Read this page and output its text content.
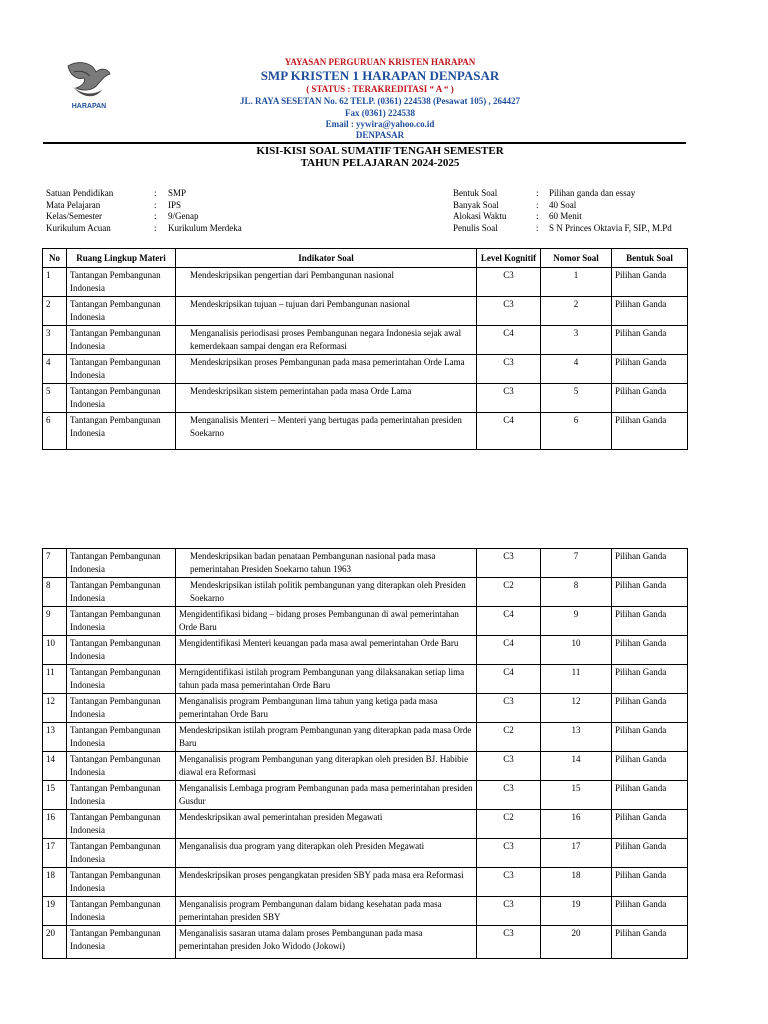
HARAPAN
YAYASAN PERGURUAN KRISTEN HARAPAN
SMP KRISTEN 1 HARAPAN DENPASAR
( STATUS : TERAKREDITASI “ A “ )
JL. RAYA SESETAN No. 62 TELP. (0361) 224538 (Pesawat 105) , 264427
Fax (0361) 224538
Email : yywira@yahoo.co.id
DENPASAR
KISI-KISI SOAL SUMATIF TENGAH SEMESTER
TAHUN PELAJARAN 2024-2025
Satuan Pendidikan	:	SMP
Mata Pelajaran	:	IPS
Kelas/Semester	:	9/Genap
Kurikulum Acuan	:	Kurikulum Merdeka
Bentuk Soal	:	Pilihan ganda dan essay
Banyak Soal	:	40 Soal
Alokasi Waktu	:	60 Menit
Penulis Soal	:	S N Princes Oktavia F, SIP., M.Pd
No	Ruang Lingkup Materi	Indikator Soal	Level Kognitif	Nomor Soal	Bentuk Soal
1	Tantangan Pembangunan Indonesia	Mendeskripsikan pengertian dari Pembangunan nasional	C3	1	Pilihan Ganda
2	Tantangan Pembangunan Indonesia	Mendeskripsikan tujuan – tujuan dari Pembangunan nasional	C3	2	Pilihan Ganda
3	Tantangan Pembangunan Indonesia	Menganalisis periodisasi proses Pembangunan negara Indonesia sejak awal kemerdekaan sampai dengan era Reformasi	C4	3	Pilihan Ganda
4	Tantangan Pembangunan Indonesia	Mendeskripsikan proses Pembangunan pada masa pemerintahan Orde Lama	C3	4	Pilihan Ganda
5	Tantangan Pembangunan Indonesia	Mendeskripsikan sistem pemerintahan pada masa Orde Lama	C3	5	Pilihan Ganda
6	Tantangan Pembangunan Indonesia	Menganalisis Menteri – Menteri yang bertugas pada pemerintahan presiden Soekarno	C4	6	Pilihan Ganda
7	Tantangan Pembangunan Indonesia	Mendeskripsikan badan penataan Pembangunan nasional pada masa pemerintahan Presiden Soekarno tahun 1963	C3	7	Pilihan Ganda
8	Tantangan Pembangunan Indonesia	Mendeskripsikan istilah politik pembangunan yang diterapkan oleh Presiden Soekarno	C2	8	Pilihan Ganda
9	Tantangan Pembangunan Indonesia	Mengidentifikasi bidang – bidang proses Pembangunan di awal pemerintahan Orde Baru	C4	9	Pilihan Ganda
10	Tantangan Pembangunan Indonesia	Mengidentifikasi Menteri keuangan pada masa awal pemerintahan Orde Baru	C4	10	Pilihan Ganda
11	Tantangan Pembangunan Indonesia	Merngidentifikasi istilah program Pembangunan yang dilaksanakan setiap lima tahun pada masa pemerintahan Orde Baru	C4	11	Pilihan Ganda
12	Tantangan Pembangunan Indonesia	Menganalisis program Pembangunan lima tahun yang ketiga pada masa pemerintahan Orde Baru	C3	12	Pilihan Ganda
13	Tantangan Pembangunan Indonesia	Mendeskripsikan istilah program Pembangunan yang diterapkan pada masa Orde Baru	C2	13	Pilihan Ganda
14	Tantangan Pembangunan Indonesia	Menganalisis program Pembangunan yang diterapkan oleh presiden BJ. Habibie diawal era Reformasi	C3	14	Pilihan Ganda
15	Tantangan Pembangunan Indonesia	Menganalisis Lembaga program Pembangunan pada masa pemerintahan presiden Gusdur	C3	15	Pilihan Ganda
16	Tantangan Pembangunan Indonesia	Mendeskripsikan awal pemerintahan presiden Megawati	C2	16	Pilihan Ganda
17	Tantangan Pembangunan Indonesia	Menganalisis dua program yang diterapkan oleh Presiden Megawati	C3	17	Pilihan Ganda
18	Tantangan Pembangunan Indonesia	Mendeskripsikan proses pengangkatan presiden SBY pada masa era Reformasi	C3	18	Pilihan Ganda
19	Tantangan Pembangunan Indonesia	Menganalisis program Pembangunan dalam bidang kesehatan pada masa pemerintahan presiden SBY	C3	19	Pilihan Ganda
20	Tantangan Pembangunan Indonesia	Menganalisis sasaran utama dalam proses Pembangunan pada masa pemerintahan presiden Joko Widodo (Jokowi)	C3	20	Pilihan Ganda
